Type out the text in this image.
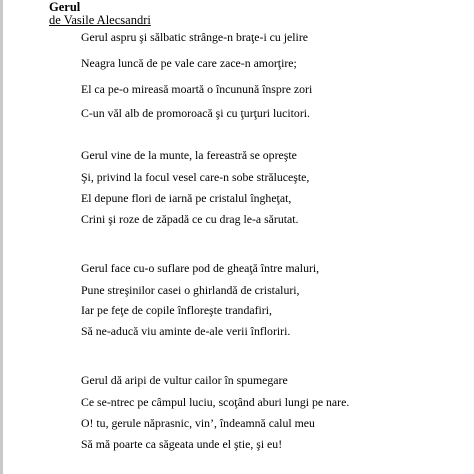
Gerul
de Vasile Alecsandri
Gerul aspru şi sălbatic strânge-n braţe-i cu jelire
Neagra luncă de pe vale care zace-n amorţire;
El ca pe-o mireasă moartă o încunună înspre zori
C-un văl alb de promoroacă şi cu ţurţuri lucitori.
Gerul vine de la munte, la fereastră se opreşte
Şi, privind la focul vesel care-n sobe străluceşte,
El depune flori de iarnă pe cristalul îngheţat,
Crini şi roze de zăpadă ce cu drag le-a sărutat.
Gerul face cu-o suflare pod de gheaţă între maluri,
Pune streşinilor casei o ghirlandă de cristaluri,
Iar pe feţe de copile înfloreşte trandafiri,
Să ne-aducă viu aminte de-ale verii înfloriri.
Gerul dă aripi de vultur cailor în spumegare
Ce se-ntrec pe câmpul luciu, scoţând aburi lungi pe nare.
O! tu, gerule năprasnic, vin’, îndeamnă calul meu
Să mă poarte ca săgeata unde el ştie, şi eu!
